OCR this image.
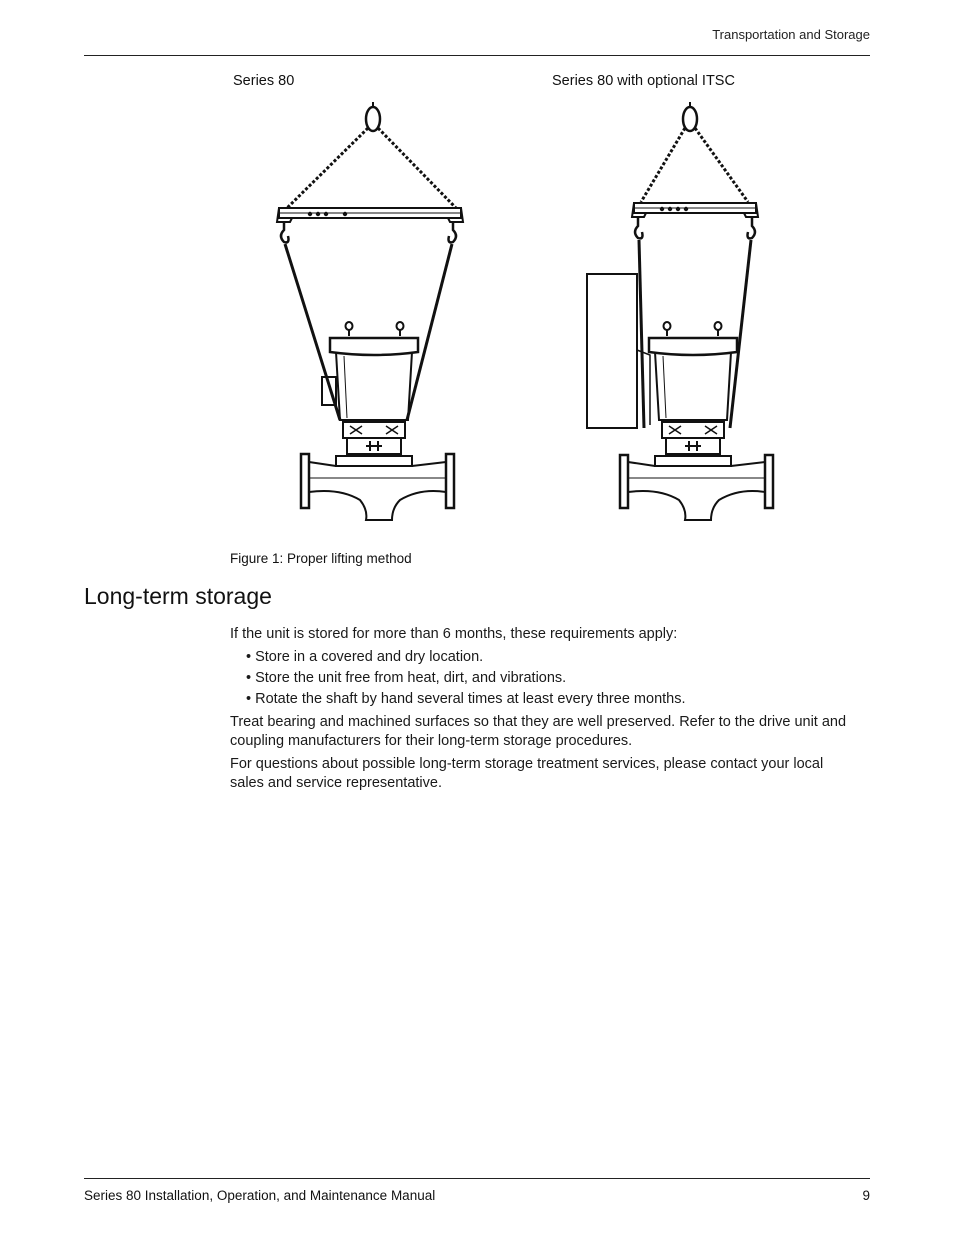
Transportation and Storage
Series 80	Series 80 with optional ITSC
Figure 1: Proper lifting method
Long-term storage

If the unit is stored for more than 6 months, these requirements apply:

• Store in a covered and dry location.
• Store the unit free from heat, dirt, and vibrations.
• Rotate the shaft by hand several times at least every three months.

Treat bearing and machined surfaces so that they are well preserved. Refer to the drive unit and coupling manufacturers for their long-term storage procedures.

For questions about possible long-term storage treatment services, please contact your local sales and service representative.

Series 80 Installation, Operation, and Maintenance Manual	9
